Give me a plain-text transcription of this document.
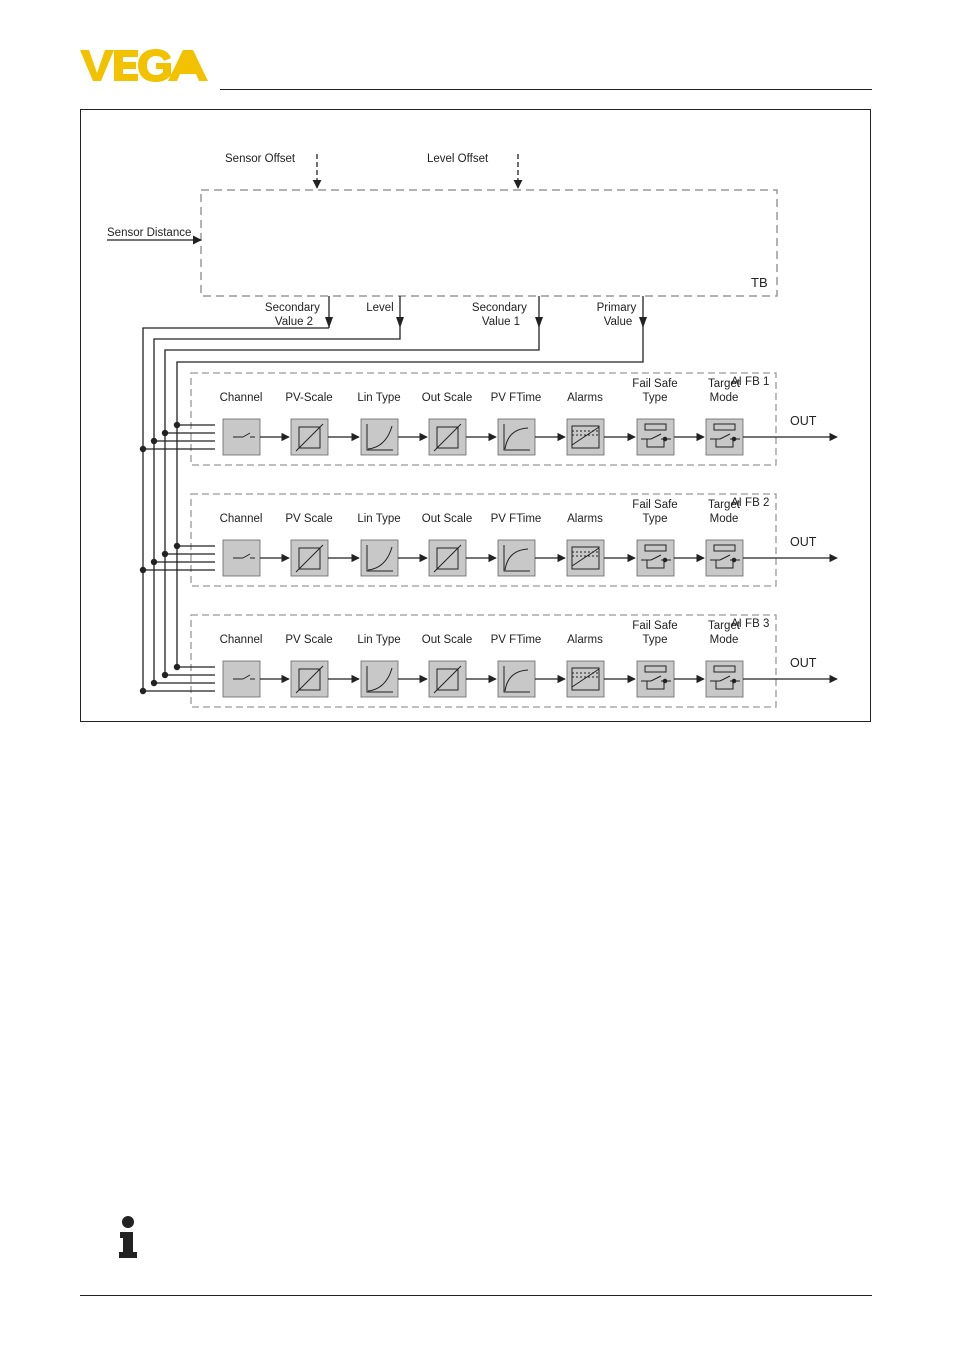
TB
Sensor Offset	Level Offset
Sensor Distance
Secondary Value 2
Level	Secondary Value 1
Primary Value
AI FB 1
Channel PV-Scale Lin Type Out Scale PV FTime Alarms
Fail Safe Type
Target Mode
OUT
AI FB 2
Channel PV Scale Lin Type Out Scale PV FTime Alarms
Fail Safe Type
Target Mode
OUT
AI FB 3
Channel PV Scale Lin Type Out Scale PV FTime Alarms
Fail Safe Type
Target Mode
OUT
